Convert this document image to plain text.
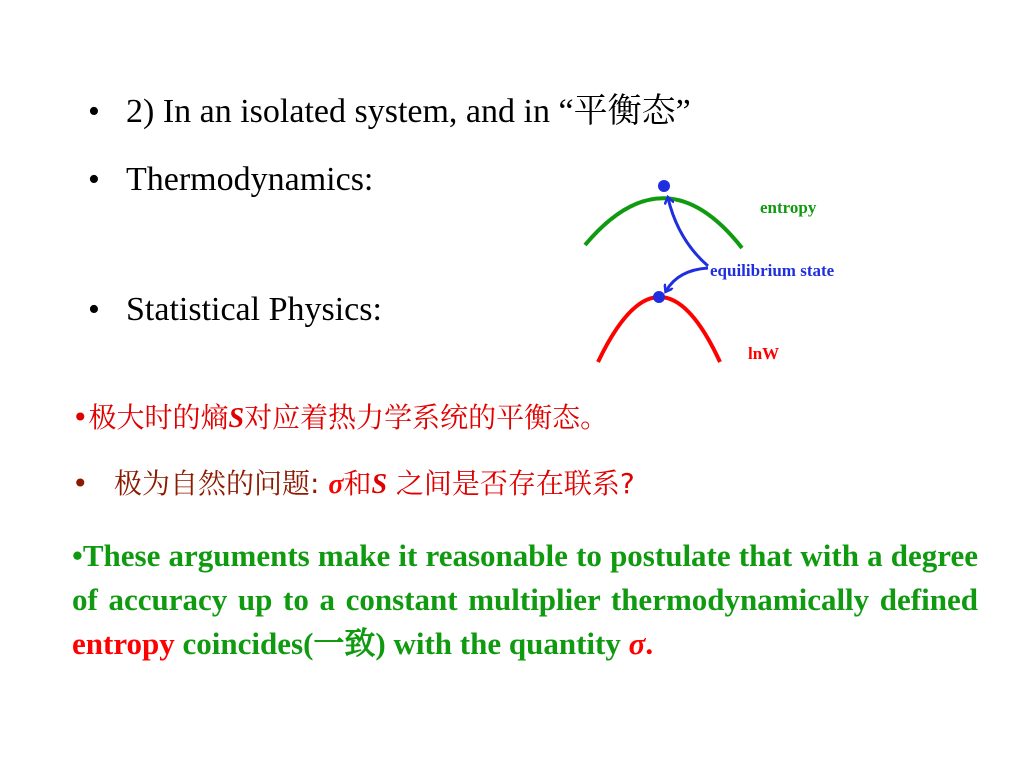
• 2) In an isolated system, and in “平衡态”
• Thermodynamics:
• Statistical Physics:
entropy
equilibrium state
lnW
•极大时的熵S对应着热力学系统的平衡态。
• 极为自然的问题: σ和S 之间是否存在联系?
•These arguments make it reasonable to postulate that with a degree of accuracy up to a constant multiplier thermodynamically defined entropy coincides(一致) with the quantity σ.
